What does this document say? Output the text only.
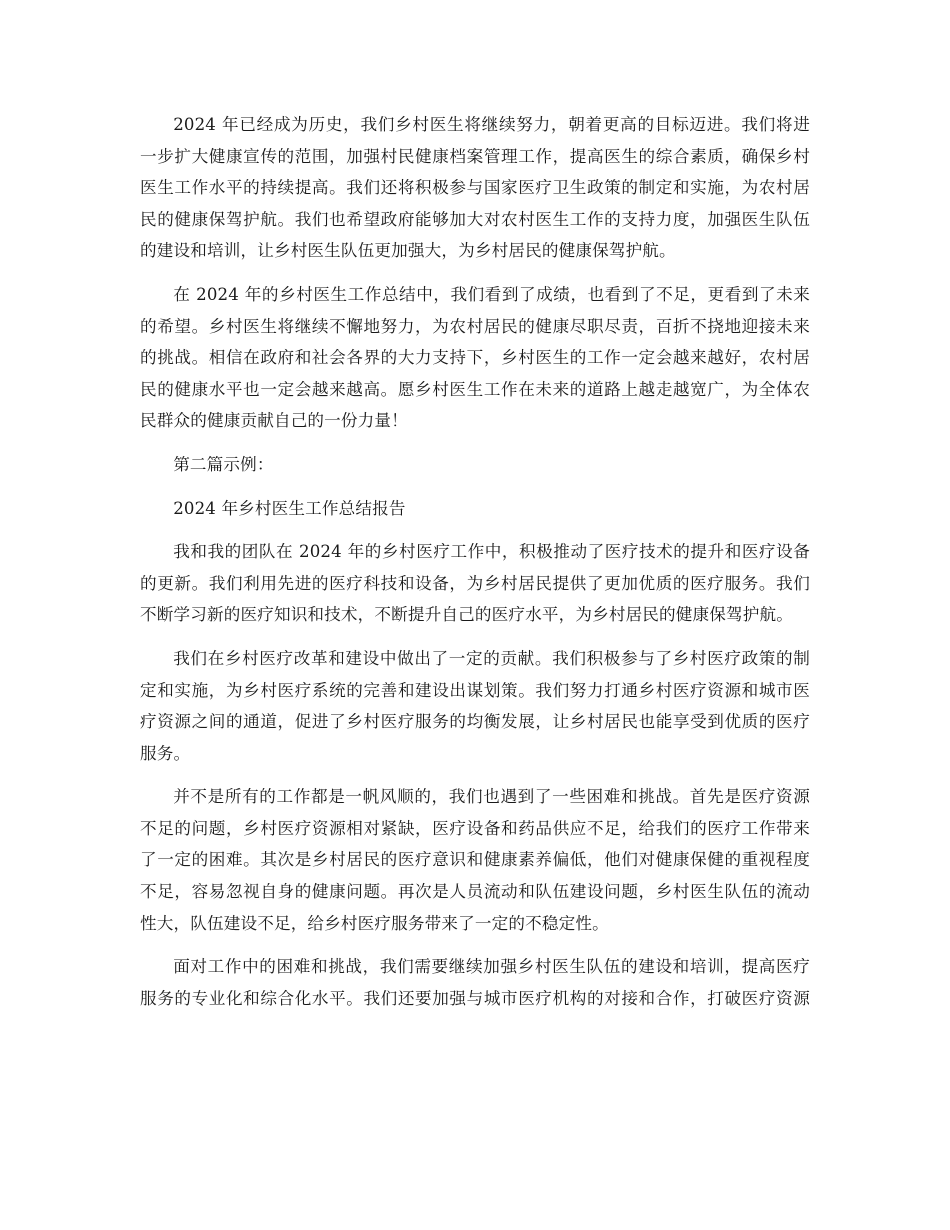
2024 年已经成为历史，我们乡村医生将继续努力，朝着更高的目标迈进。我们将进
一步扩大健康宣传的范围，加强村民健康档案管理工作，提高医生的综合素质，确保乡村
医生工作水平的持续提高。我们还将积极参与国家医疗卫生政策的制定和实施，为农村居
民的健康保驾护航。我们也希望政府能够加大对农村医生工作的支持力度，加强医生队伍
的建设和培训，让乡村医生队伍更加强大，为乡村居民的健康保驾护航。
在 2024 年的乡村医生工作总结中，我们看到了成绩，也看到了不足，更看到了未来
的希望。乡村医生将继续不懈地努力，为农村居民的健康尽职尽责，百折不挠地迎接未来
的挑战。相信在政府和社会各界的大力支持下，乡村医生的工作一定会越来越好，农村居
民的健康水平也一定会越来越高。愿乡村医生工作在未来的道路上越走越宽广，为全体农
民群众的健康贡献自己的一份力量！
第二篇示例：
2024 年乡村医生工作总结报告
我和我的团队在 2024 年的乡村医疗工作中，积极推动了医疗技术的提升和医疗设备
的更新。我们利用先进的医疗科技和设备，为乡村居民提供了更加优质的医疗服务。我们
不断学习新的医疗知识和技术，不断提升自己的医疗水平，为乡村居民的健康保驾护航。
我们在乡村医疗改革和建设中做出了一定的贡献。我们积极参与了乡村医疗政策的制
定和实施，为乡村医疗系统的完善和建设出谋划策。我们努力打通乡村医疗资源和城市医
疗资源之间的通道，促进了乡村医疗服务的均衡发展，让乡村居民也能享受到优质的医疗
服务。
并不是所有的工作都是一帆风顺的，我们也遇到了一些困难和挑战。首先是医疗资源
不足的问题，乡村医疗资源相对紧缺，医疗设备和药品供应不足，给我们的医疗工作带来
了一定的困难。其次是乡村居民的医疗意识和健康素养偏低，他们对健康保健的重视程度
不足，容易忽视自身的健康问题。再次是人员流动和队伍建设问题，乡村医生队伍的流动
性大，队伍建设不足，给乡村医疗服务带来了一定的不稳定性。
面对工作中的困难和挑战，我们需要继续加强乡村医生队伍的建设和培训，提高医疗
服务的专业化和综合化水平。我们还要加强与城市医疗机构的对接和合作，打破医疗资源
